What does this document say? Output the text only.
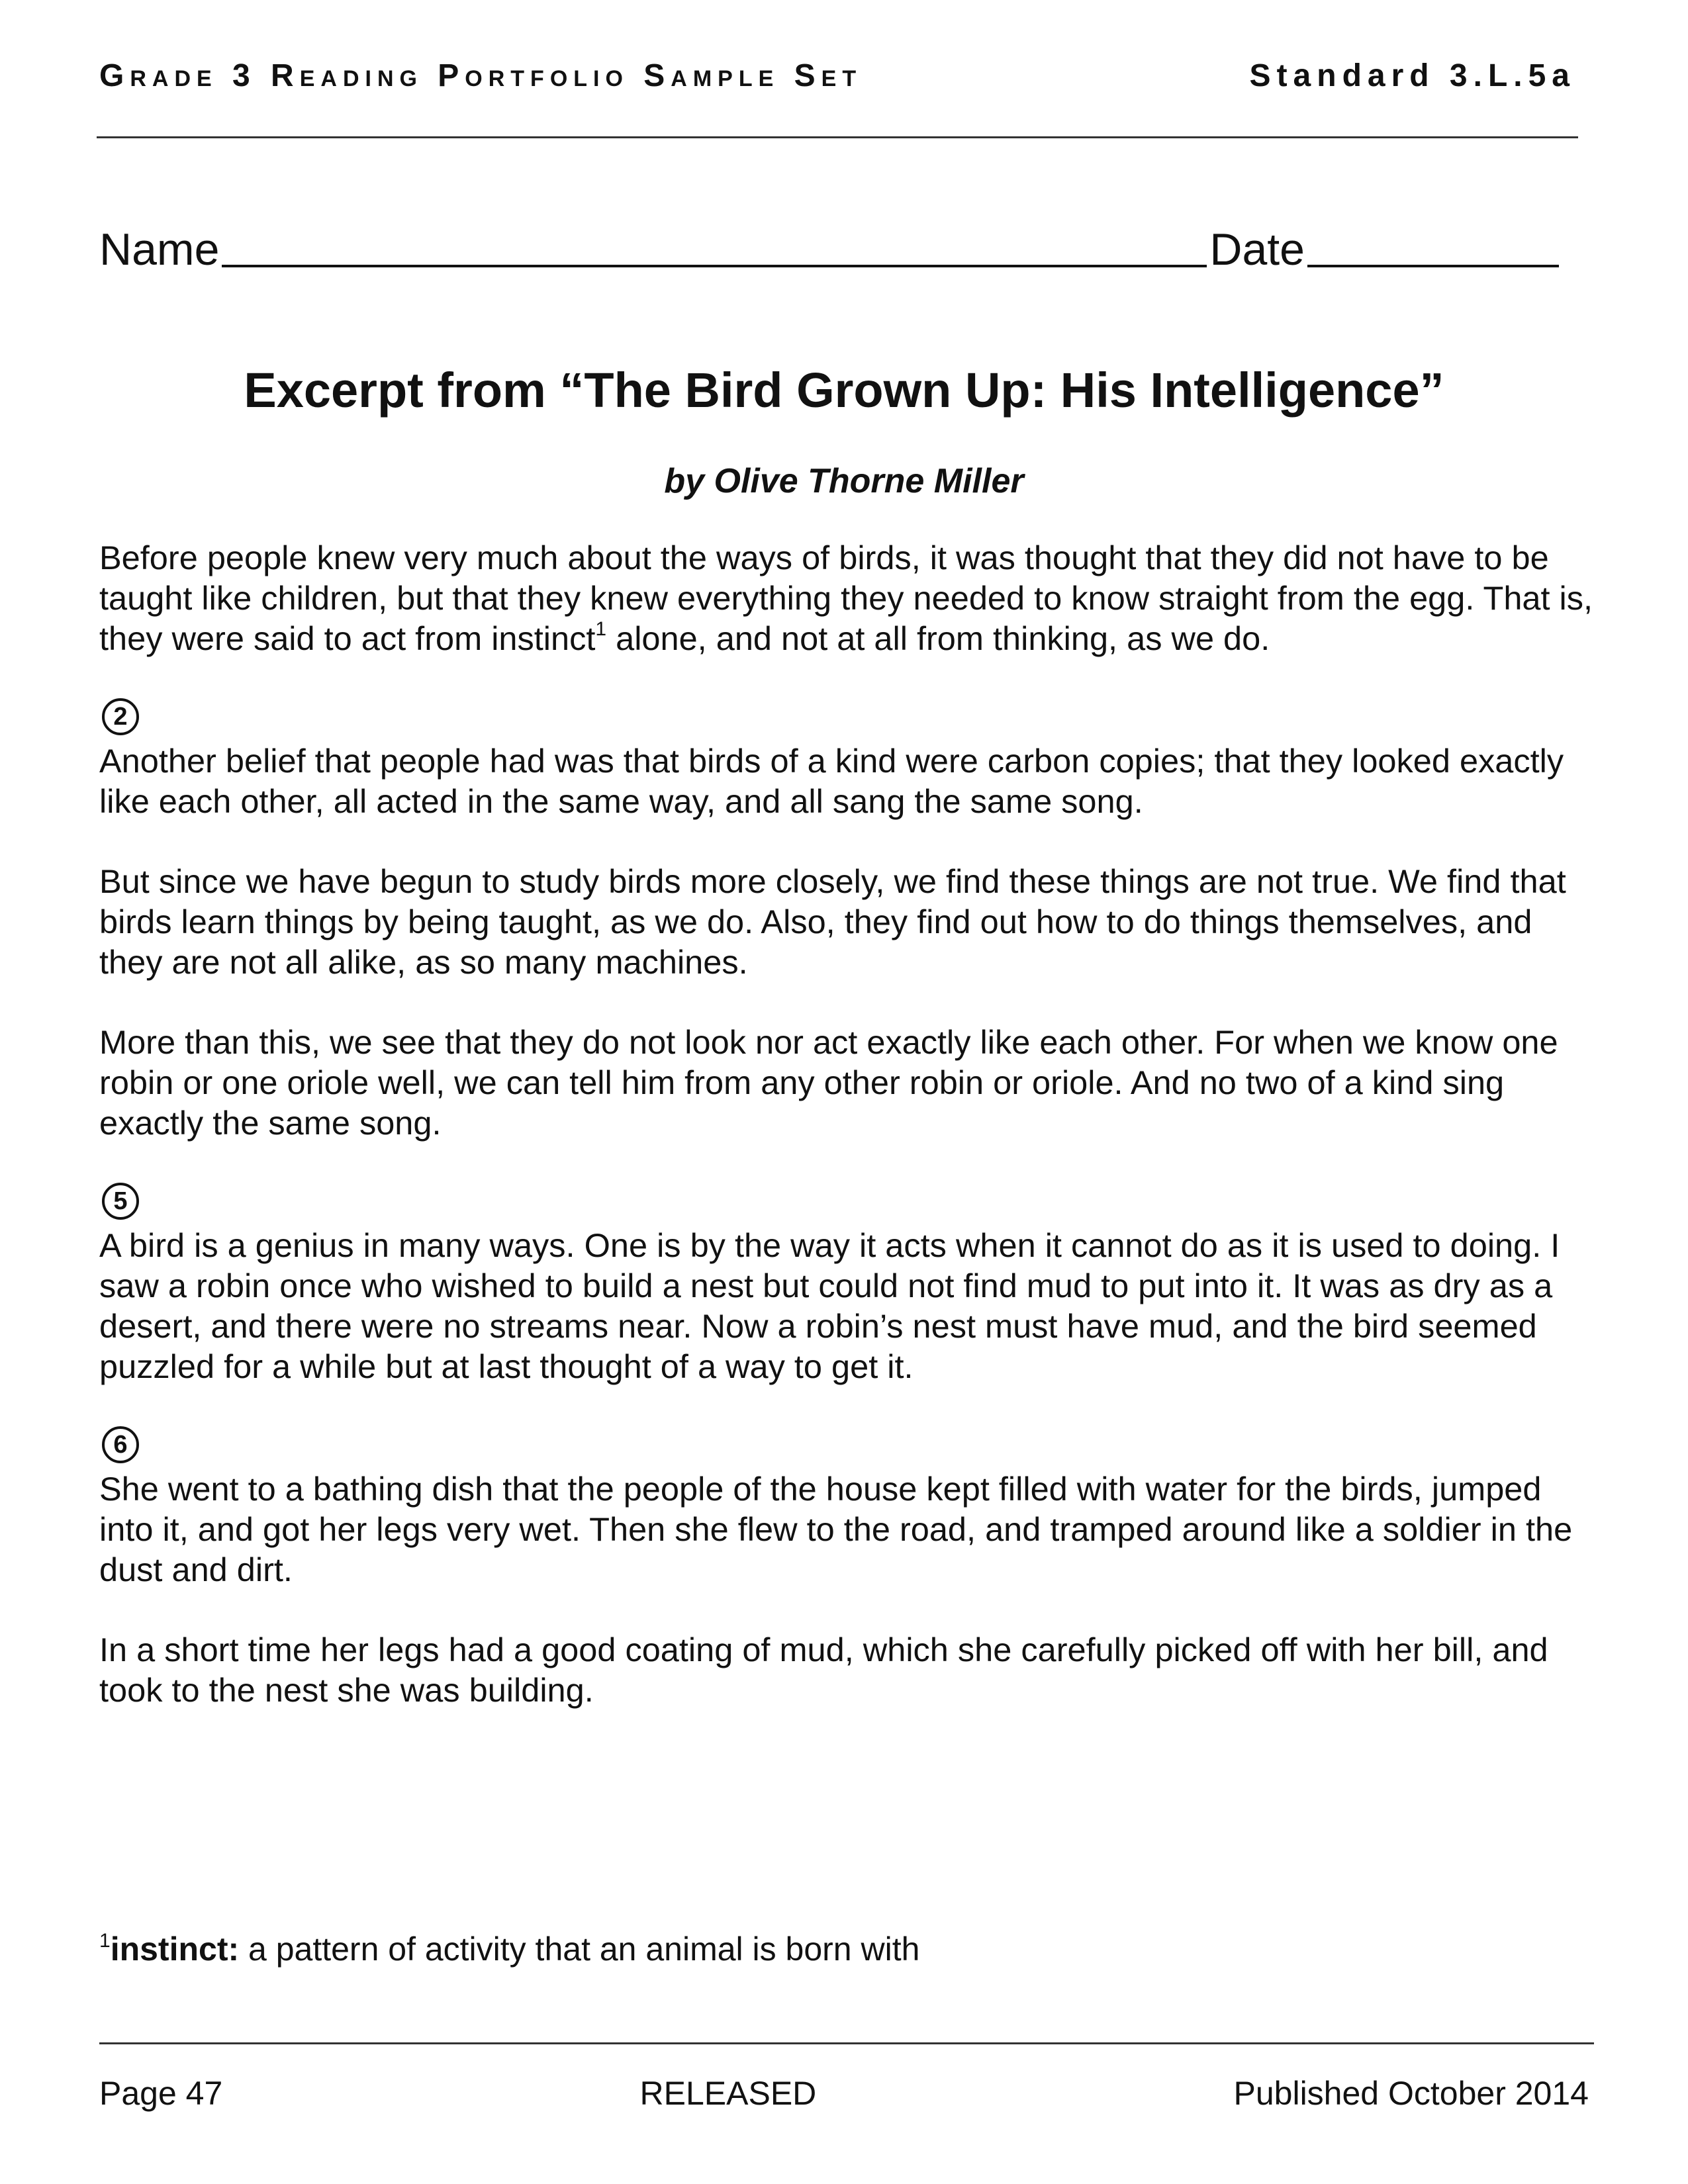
Grade 3 Reading Portfolio Sample Set	Standard 3.L.5a
Name	Date
Excerpt from “The Bird Grown Up: His Intelligence”

by Olive Thorne Miller

Before people knew very much about the ways of birds, it was thought that they did not have to be taught like children, but that they knew everything they needed to know straight from the egg. That is, they were said to act from instinct$^1$ alone, and not at all from thinking, as we do.

2

Another belief that people had was that birds of a kind were carbon copies; that they looked exactly like each other, all acted in the same way, and all sang the same song.

But since we have begun to study birds more closely, we find these things are not true. We find that birds learn things by being taught, as we do. Also, they find out how to do things themselves, and they are not all alike, as so many machines.

More than this, we see that they do not look nor act exactly like each other. For when we know one robin or one oriole well, we can tell him from any other robin or oriole. And no two of a kind sing exactly the same song.

5

A bird is a genius in many ways. One is by the way it acts when it cannot do as it is used to doing. I saw a robin once who wished to build a nest but could not find mud to put into it. It was as dry as a desert, and there were no streams near. Now a robin’s nest must have mud, and the bird seemed puzzled for a while but at last thought of a way to get it.

6

She went to a bathing dish that the people of the house kept filled with water for the birds, jumped into it, and got her legs very wet. Then she flew to the road, and tramped around like a soldier in the dust and dirt.

In a short time her legs had a good coating of mud, which she carefully picked off with her bill, and took to the nest she was building.

$^1$instinct: a pattern of activity that an animal is born with

Page 47	RELEASED	Published October 2014
